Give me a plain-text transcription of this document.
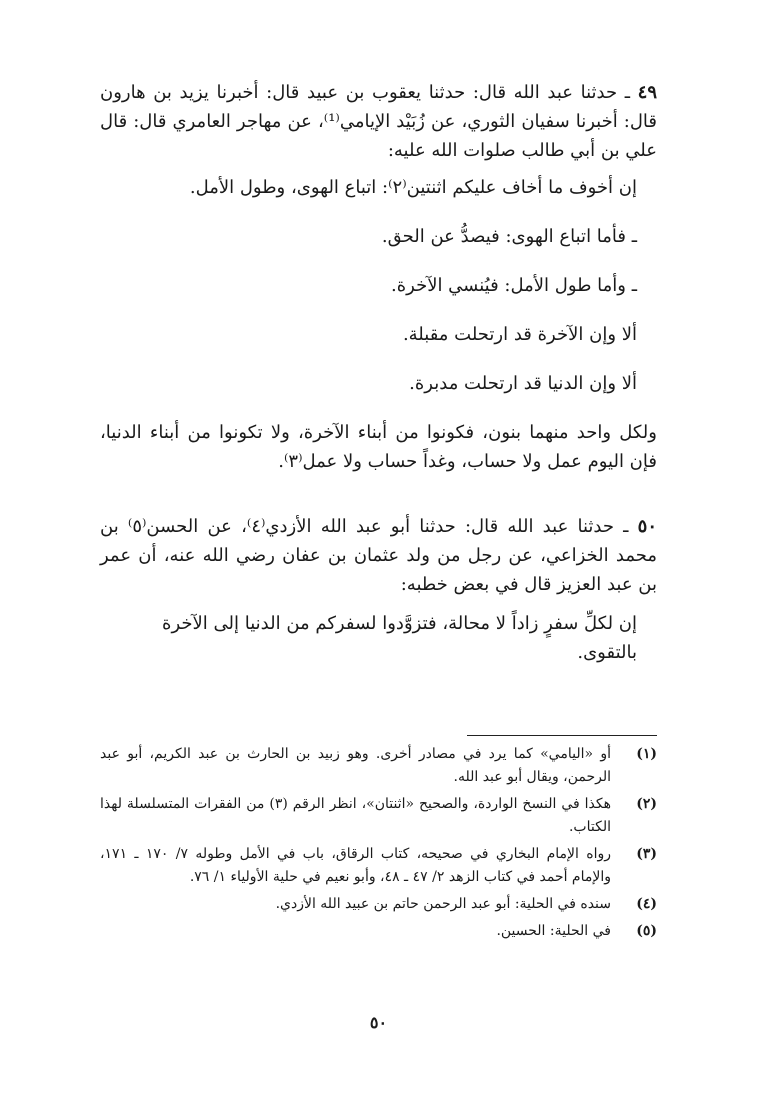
٤٩ ـ حدثنا عبد الله قال: حدثنا يعقوب بن عبيد قال: أخبرنا يزيد بن هارون قال: أخبرنا سفيان الثوري، عن زُبَيْد الإيامي⁽¹⁾، عن مهاجر العامري قال: قال علي بن أبي طالب صلوات الله عليه:

إن أخوف ما أخاف عليكم اثنتين⁽٢⁾: اتباع الهوى، وطول الأمل.

ـ فأما اتباع الهوى: فيصدُّ عن الحق.

ـ وأما طول الأمل: فيُنسي الآخرة.

ألا وإن الآخرة قد ارتحلت مقبلة.

ألا وإن الدنيا قد ارتحلت مدبرة.

ولكل واحد منهما بنون، فكونوا من أبناء الآخرة، ولا تكونوا من أبناء الدنيا، فإن اليوم عمل ولا حساب، وغداً حساب ولا عمل⁽٣⁾.

٥٠ ـ حدثنا عبد الله قال: حدثنا أبو عبد الله الأزدي⁽٤⁾، عن الحسن⁽٥⁾ بن محمد الخزاعي، عن رجل من ولد عثمان بن عفان رضي الله عنه، أن عمر بن عبد العزيز قال في بعض خطبه:

إن لكلِّ سفرٍ زاداً لا محالة، فتزوَّدوا لسفركم من الدنيا إلى الآخرة بالتقوى.

(١)
أو «اليامي» كما يرد في مصادر أخرى. وهو زبيد بن الحارث بن عبد الكريم، أبو عبد الرحمن، ويقال أبو عبد الله.
(٢)
هكذا في النسخ الواردة، والصحيح «اثنتان»، انظر الرقم (٣) من الفقرات المتسلسلة لهذا الكتاب.
(٣)
رواه الإمام البخاري في صحيحه، كتاب الرقاق، باب في الأمل وطوله ٧/ ١٧٠ ـ ١٧١، والإمام أحمد في كتاب الزهد ٢/ ٤٧ ـ ٤٨، وأبو نعيم في حلية الأولياء ١/ ٧٦.
(٤)
سنده في الحلية: أبو عبد الرحمن حاتم بن عبيد الله الأزدي.
(٥)
في الحلية: الحسين.
٥٠
